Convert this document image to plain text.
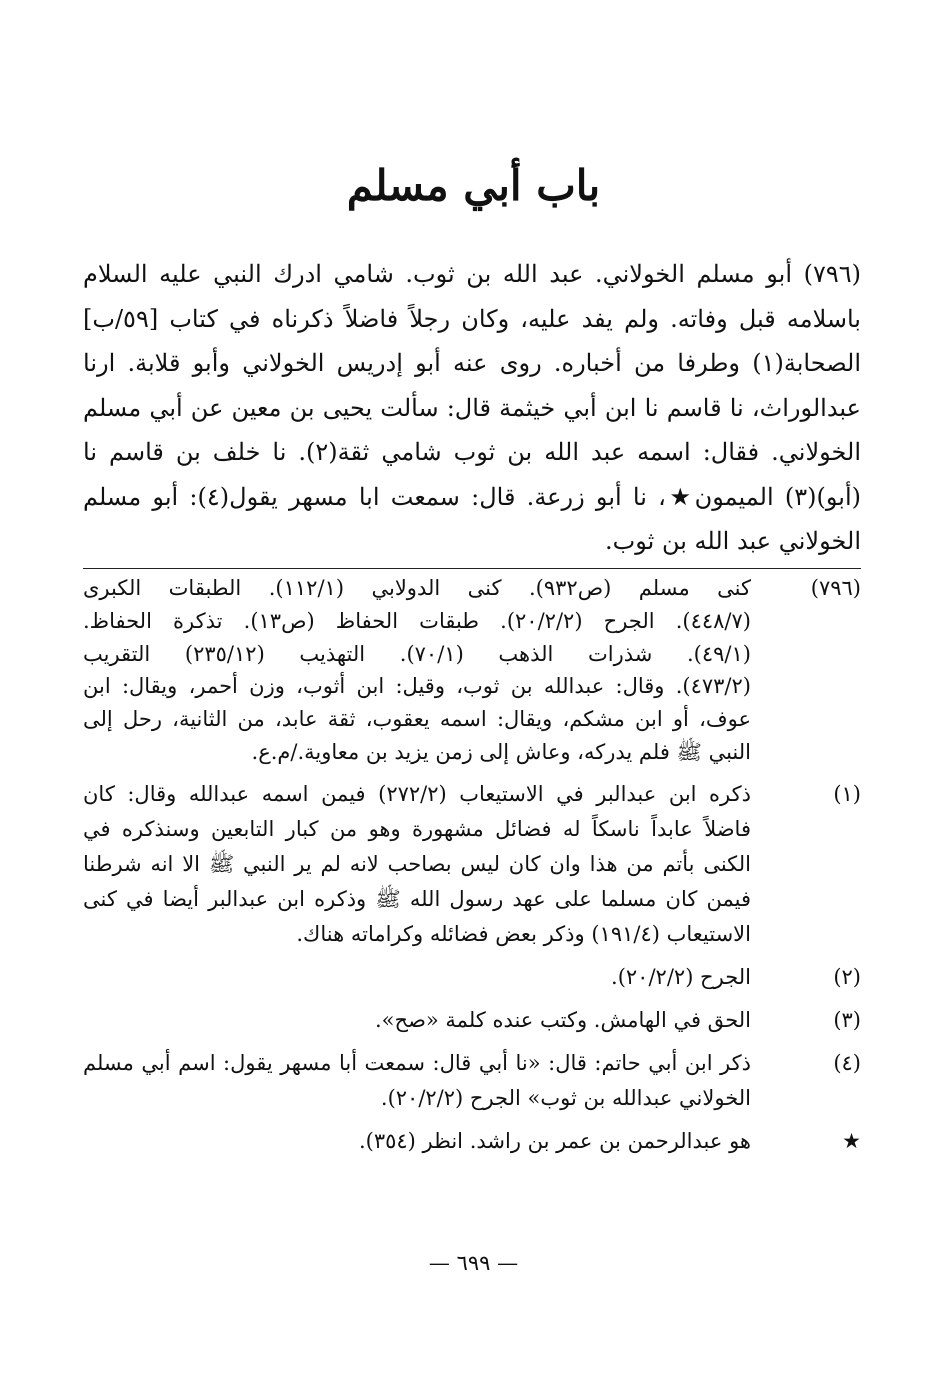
باب أبي مسلم
(٧٩٦) أبو مسلم الخولاني. عبد الله بن ثوب. شامي ادرك النبي عليه السلام
باسلامه قبل وفاته. ولم يفد عليه، وكان رجلاً فاضلاً ذكرناه في كتاب [٥٩/ب]
الصحابة(١) وطرفا من أخباره. روى عنه أبو إدريس الخولاني وأبو قلابة. ارنا
عبدالوراث، نا قاسم نا ابن أبي خيثمة قال: سألت يحيى بن معين عن أبي مسلم
الخولاني. فقال: اسمه عبد الله بن ثوب شامي ثقة(٢). نا خلف بن قاسم نا
(أبو)(٣) الميمون★، نا أبو زرعة. قال: سمعت ابا مسهر يقول(٤): أبو مسلم
الخولاني عبد الله بن ثوب.
(٧٩٦)
كنى مسلم (ص٩٣٢). كنى الدولابي (١١٢/١). الطبقات الكبرى
(٤٤٨/٧). الجرح (٢٠/٢/٢). طبقات الحفاظ (ص١٣). تذكرة الحفاظ.
(٤٩/١). شذرات الذهب (٧٠/١). التهذيب (٢٣٥/١٢) التقريب
(٤٧٣/٢). وقال: عبدالله بن ثوب، وقيل: ابن أثوب، وزن أحمر، ويقال: ابن
عوف، أو ابن مشكم، ويقال: اسمه يعقوب، ثقة عابد، من الثانية، رحل إلى
النبي ﷺ فلم يدركه، وعاش إلى زمن يزيد بن معاوية./م.ع.
(١)
ذكره ابن عبدالبر في الاستيعاب (٢٧٢/٢) فيمن اسمه عبدالله وقال: كان
فاضلاً عابداً ناسكاً له فضائل مشهورة وهو من كبار التابعين وسنذكره في
الكنى بأتم من هذا وان كان ليس بصاحب لانه لم ير النبي ﷺ الا انه شرطنا
فيمن كان مسلما على عهد رسول الله ﷺ وذكره ابن عبدالبر أيضا في كنى
الاستيعاب (١٩١/٤) وذكر بعض فضائله وكراماته هناك.
(٢)
الجرح (٢٠/٢/٢).
(٣)
الحق في الهامش. وكتب عنده كلمة «صح».
(٤)
ذكر ابن أبي حاتم: قال: «نا أبي قال: سمعت أبا مسهر يقول: اسم أبي مسلم
الخولاني عبدالله بن ثوب» الجرح (٢٠/٢/٢).
★
هو عبدالرحمن بن عمر بن راشد. انظر (٣٥٤).
— ٦٩٩ —
